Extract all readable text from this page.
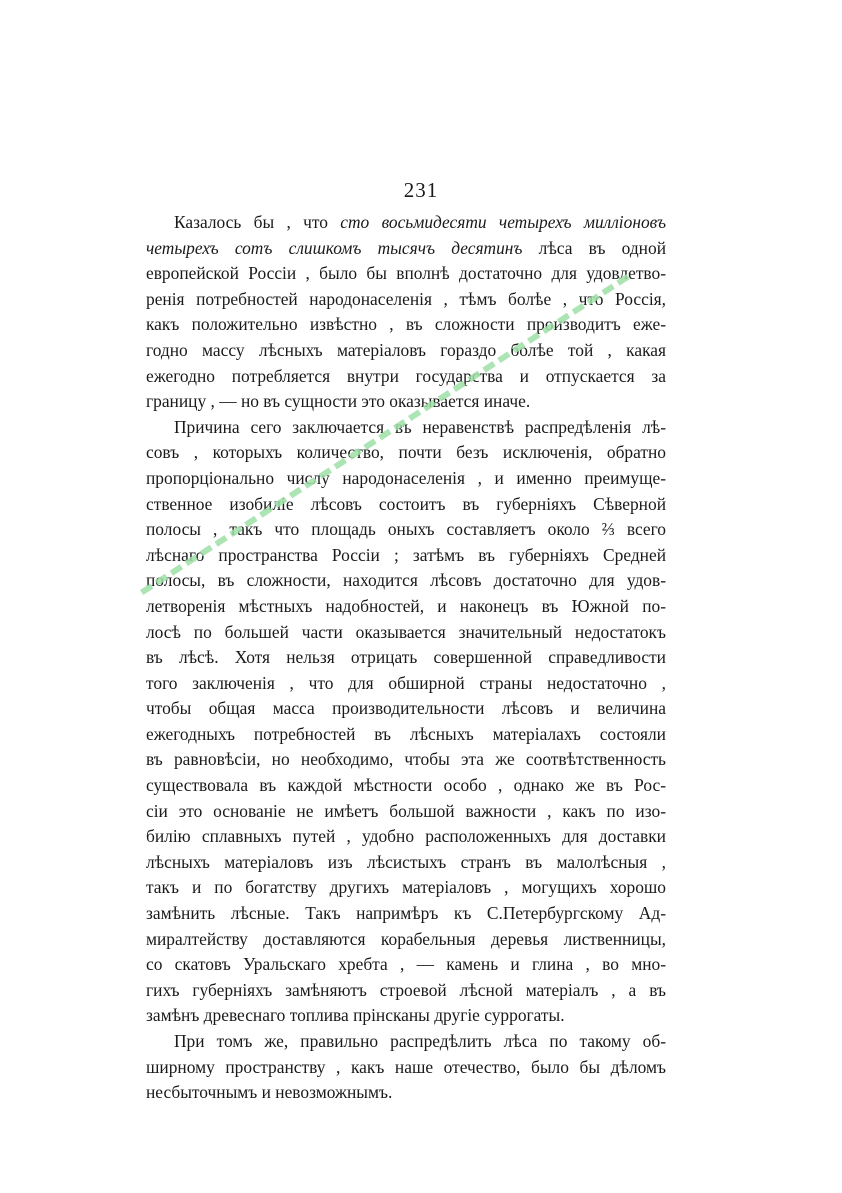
231
Казалось бы , что сто восьмидесяти четырехъ милліоновъ
четырехъ сотъ слишкомъ тысячъ десятинъ лѣса въ одной
европейской Россіи , было бы вполнѣ достаточно для удовлетво-
ренія потребностей народонаселенія , тѣмъ болѣе , что Россія,
какъ положительно извѣстно , въ сложности производитъ еже-
годно массу лѣсныхъ матеріаловъ гораздо болѣе той , какая
ежегодно потребляется внутри государства и отпускается за
границу , — но въ сущности это оказывается иначе.
Причина сего заключается въ неравенствѣ распредѣленія лѣ-
совъ , которыхъ количество, почти безъ исключенія, обратно
пропорціонально числу народонаселенія , и именно преимуще-
ственное изобиліе лѣсовъ состоитъ въ губерніяхъ Сѣверной
полосы , такъ что площадь оныхъ составляетъ около ⅔ всего
лѣснаго пространства Россіи ; затѣмъ въ губерніяхъ Средней
полосы, въ сложности, находится лѣсовъ достаточно для удов-
летворенія мѣстныхъ надобностей, и наконецъ въ Южной по-
лосѣ по большей части оказывается значительный недостатокъ
въ лѣсѣ. Хотя нельзя отрицать совершенной справедливости
того заключенія , что для обширной страны недостаточно ,
чтобы общая масса производительности лѣсовъ и величина
ежегодныхъ потребностей въ лѣсныхъ матеріалахъ состояли
въ равновѣсіи, но необходимо, чтобы эта же соотвѣтственность
существовала въ каждой мѣстности особо , однако же въ Рос-
сіи это основаніе не имѣетъ большой важности , какъ по изо-
билію сплавныхъ путей , удобно расположенныхъ для доставки
лѣсныхъ матеріаловъ изъ лѣсистыхъ странъ въ малолѣсныя ,
такъ и по богатству другихъ матеріаловъ , могущихъ хорошо
замѣнить лѣсные. Такъ напримѣръ къ С.Петербургскому Ад-
миралтейству доставляются корабельныя деревья лиственницы,
со скатовъ Уральскаго хребта , — камень и глина , во мно-
гихъ губерніяхъ замѣняютъ строевой лѣсной матеріалъ , а въ
замѣнъ древеснаго топлива прінсканы другіе суррогаты.
При томъ же, правильно распредѣлить лѣса по такому об-
ширному пространству , какъ наше отечество, было бы дѣломъ
несбыточнымъ и невозможнымъ.
